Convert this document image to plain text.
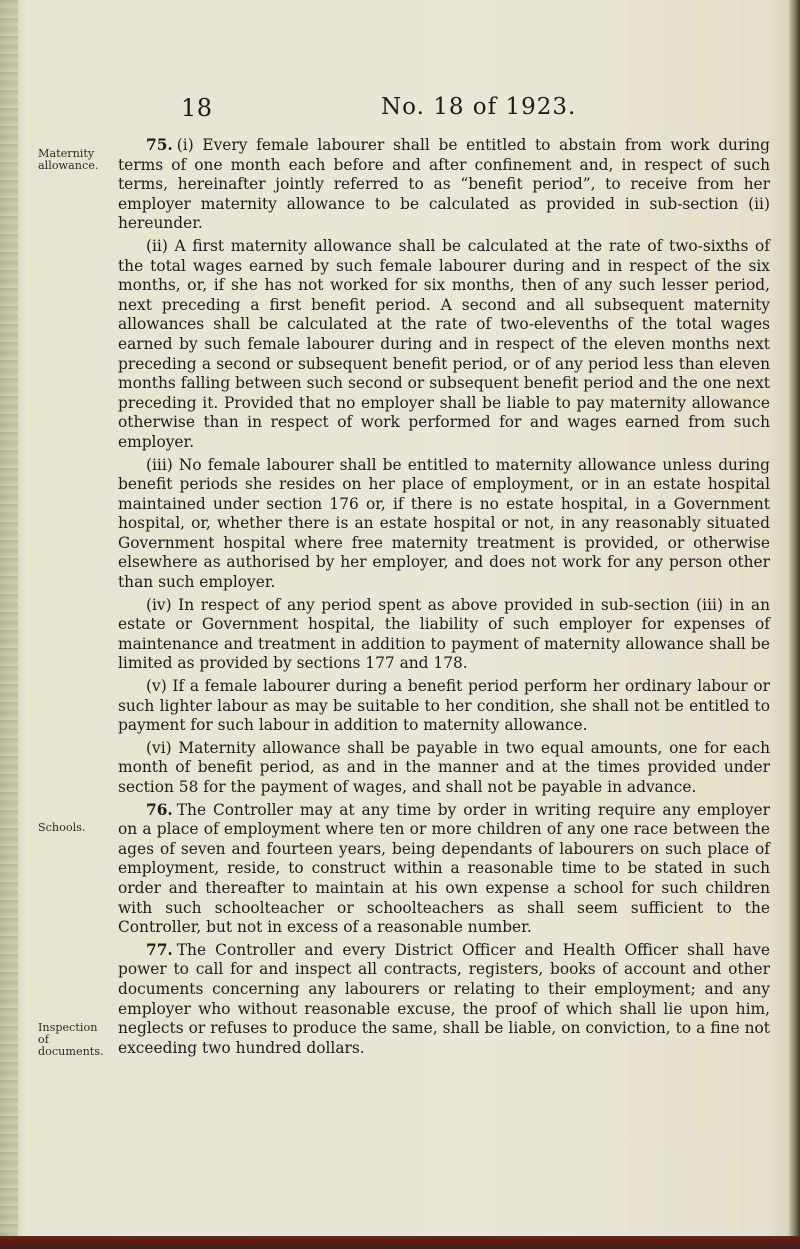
18	No. 18 of 1923.
Maternity allowance.
Schools.
Inspection of documents.

75. (i) Every female labourer shall be entitled to abstain from work during terms of one month each before and after confinement and, in respect of such terms, hereinafter jointly referred to as “benefit period”, to receive from her employer maternity allowance to be calculated as provided in sub-section (ii) hereunder.

(ii) A first maternity allowance shall be calculated at the rate of two-sixths of the total wages earned by such female labourer during and in respect of the six months, or, if she has not worked for six months, then of any such lesser period, next preceding a first benefit period. A second and all subsequent maternity allowances shall be calculated at the rate of two-elevenths of the total wages earned by such female labourer during and in respect of the eleven months next preceding a second or subsequent benefit period, or of any period less than eleven months falling between such second or subsequent benefit period and the one next preceding it. Provided that no employer shall be liable to pay maternity allowance otherwise than in respect of work performed for and wages earned from such employer.

(iii) No female labourer shall be entitled to maternity allowance unless during benefit periods she resides on her place of employment, or in an estate hospital maintained under section 176 or, if there is no estate hospital, in a Government hospital, or, whether there is an estate hospital or not, in any reasonably situated Government hospital where free maternity treatment is provided, or otherwise elsewhere as authorised by her employer, and does not work for any person other than such employer.

(iv) In respect of any period spent as above provided in sub-section (iii) in an estate or Government hospital, the liability of such employer for expenses of maintenance and treatment in addition to payment of maternity allowance shall be limited as provided by sections 177 and 178.

(v) If a female labourer during a benefit period perform her ordinary labour or such lighter labour as may be suitable to her condition, she shall not be entitled to payment for such labour in addition to maternity allowance.

(vi) Maternity allowance shall be payable in two equal amounts, one for each month of benefit period, as and in the manner and at the times provided under section 58 for the payment of wages, and shall not be payable in advance.

76. The Controller may at any time by order in writing require any employer on a place of employment where ten or more children of any one race between the ages of seven and fourteen years, being dependants of labourers on such place of employment, reside, to construct within a reasonable time to be stated in such order and thereafter to maintain at his own expense a school for such children with such schoolteacher or schoolteachers as shall seem sufficient to the Controller, but not in excess of a reasonable number.

77. The Controller and every District Officer and Health Officer shall have power to call for and inspect all contracts, registers, books of account and other documents concerning any labourers or relating to their employment; and any employer who without reasonable excuse, the proof of which shall lie upon him, neglects or refuses to produce the same, shall be liable, on conviction, to a fine not exceeding two hundred dollars.
